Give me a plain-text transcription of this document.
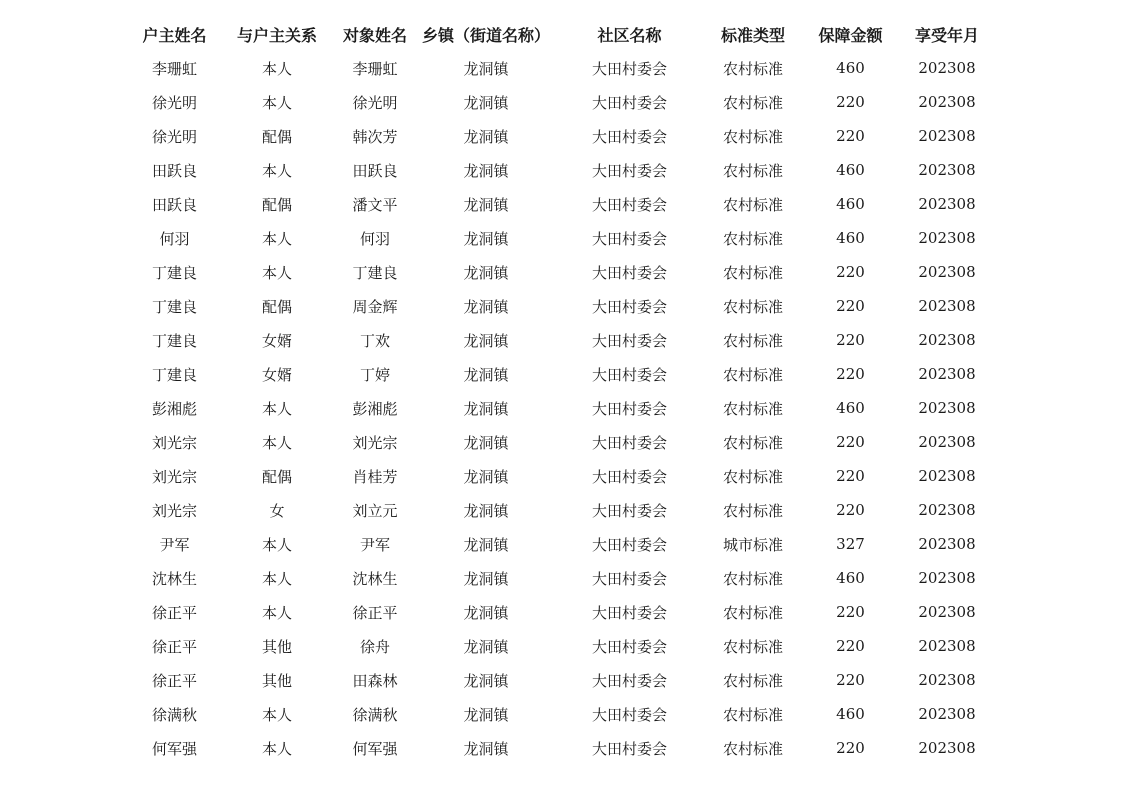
户主姓名	与户主关系	对象姓名	乡镇（街道名称）	社区名称	标准类型	保障金额	享受年月
李珊虹	本人	李珊虹	龙洞镇	大田村委会	农村标准	460	202308
徐光明	本人	徐光明	龙洞镇	大田村委会	农村标准	220	202308
徐光明	配偶	韩次芳	龙洞镇	大田村委会	农村标准	220	202308
田跃良	本人	田跃良	龙洞镇	大田村委会	农村标准	460	202308
田跃良	配偶	潘文平	龙洞镇	大田村委会	农村标准	460	202308
何羽	本人	何羽	龙洞镇	大田村委会	农村标准	460	202308
丁建良	本人	丁建良	龙洞镇	大田村委会	农村标准	220	202308
丁建良	配偶	周金辉	龙洞镇	大田村委会	农村标准	220	202308
丁建良	女婿	丁欢	龙洞镇	大田村委会	农村标准	220	202308
丁建良	女婿	丁婷	龙洞镇	大田村委会	农村标准	220	202308
彭湘彪	本人	彭湘彪	龙洞镇	大田村委会	农村标准	460	202308
刘光宗	本人	刘光宗	龙洞镇	大田村委会	农村标准	220	202308
刘光宗	配偶	肖桂芳	龙洞镇	大田村委会	农村标准	220	202308
刘光宗	女	刘立元	龙洞镇	大田村委会	农村标准	220	202308
尹军	本人	尹军	龙洞镇	大田村委会	城市标准	327	202308
沈林生	本人	沈林生	龙洞镇	大田村委会	农村标准	460	202308
徐正平	本人	徐正平	龙洞镇	大田村委会	农村标准	220	202308
徐正平	其他	徐舟	龙洞镇	大田村委会	农村标准	220	202308
徐正平	其他	田森林	龙洞镇	大田村委会	农村标准	220	202308
徐满秋	本人	徐满秋	龙洞镇	大田村委会	农村标准	460	202308
何军强	本人	何军强	龙洞镇	大田村委会	农村标准	220	202308
